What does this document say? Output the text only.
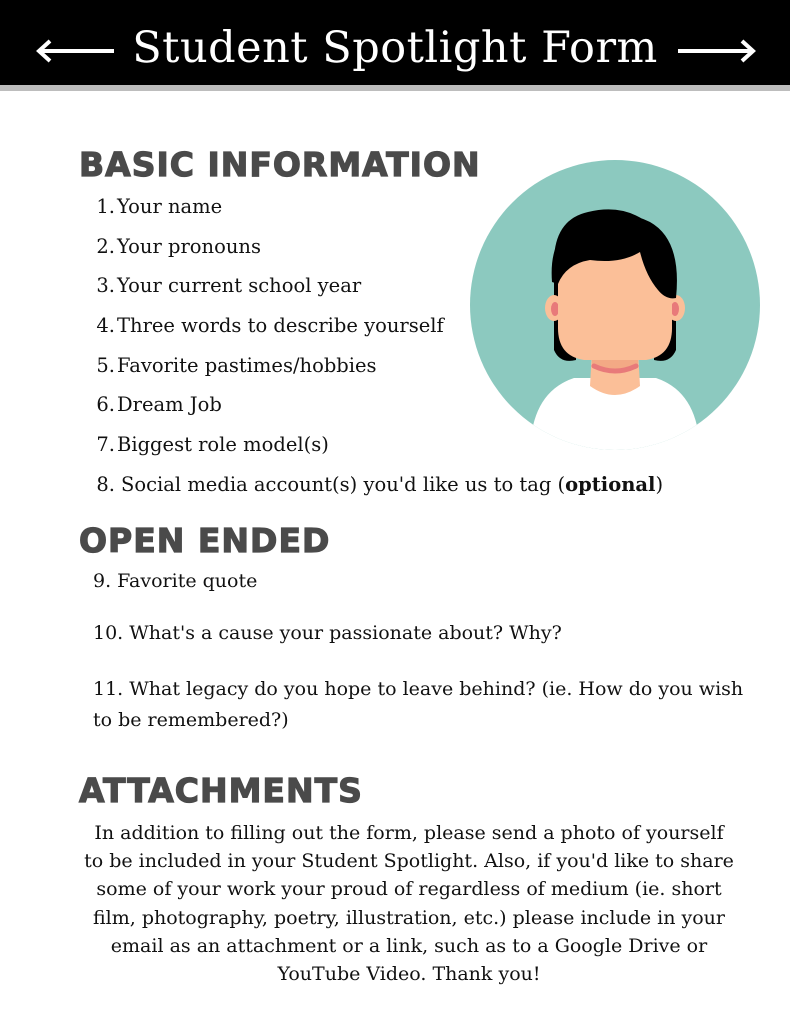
Student Spotlight Form
BASIC INFORMATION
1. Your name
2. Your pronouns
3. Your current school year
4. Three words to describe yourself
5. Favorite pastimes/hobbies
6. Dream Job
7. Biggest role model(s)
8. Social media account(s) you'd like us to tag (optional)
OPEN ENDED
9. Favorite quote
10. What's a cause your passionate about? Why?
11. What legacy do you hope to leave behind? (ie. How do you wish to be remembered?)
ATTACHMENTS
In addition to filling out the form, please send a photo of yourself to be included in your Student Spotlight. Also, if you'd like to share some of your work your proud of regardless of medium (ie. short film, photography, poetry, illustration, etc.) please include in your email as an attachment or a link, such as to a Google Drive or YouTube Video. Thank you!
